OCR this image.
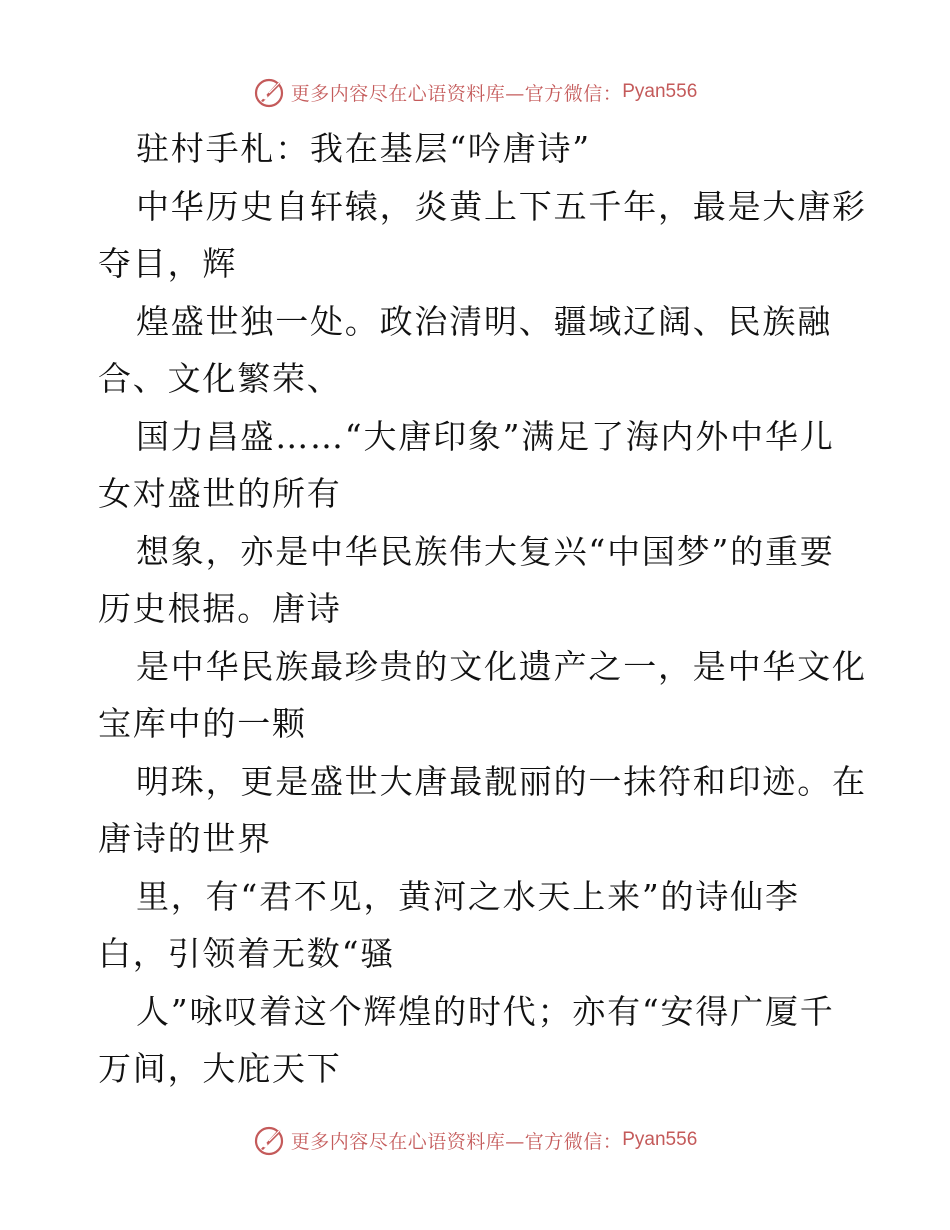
更多内容尽在心语资料库—官方微信： Pyan556
驻村手札：我在基层“吟唐诗”
中华历史自轩辕，炎黄上下五千年，最是大唐彩
夺目，辉
煌盛世独一处。政治清明、疆域辽阔、民族融
合、文化繁荣、
国力昌盛……“大唐印象”满足了海内外中华儿
女对盛世的所有
想象，亦是中华民族伟大复兴“中国梦”的重要
历史根据。唐诗
是中华民族最珍贵的文化遗产之一，是中华文化
宝库中的一颗
明珠，更是盛世大唐最靓丽的一抹符和印迹。在
唐诗的世界
里，有“君不见，黄河之水天上来”的诗仙李
白，引领着无数“骚
人”咏叹着这个辉煌的时代；亦有“安得广厦千
万间，大庇天下
更多内容尽在心语资料库—官方微信： Pyan556
